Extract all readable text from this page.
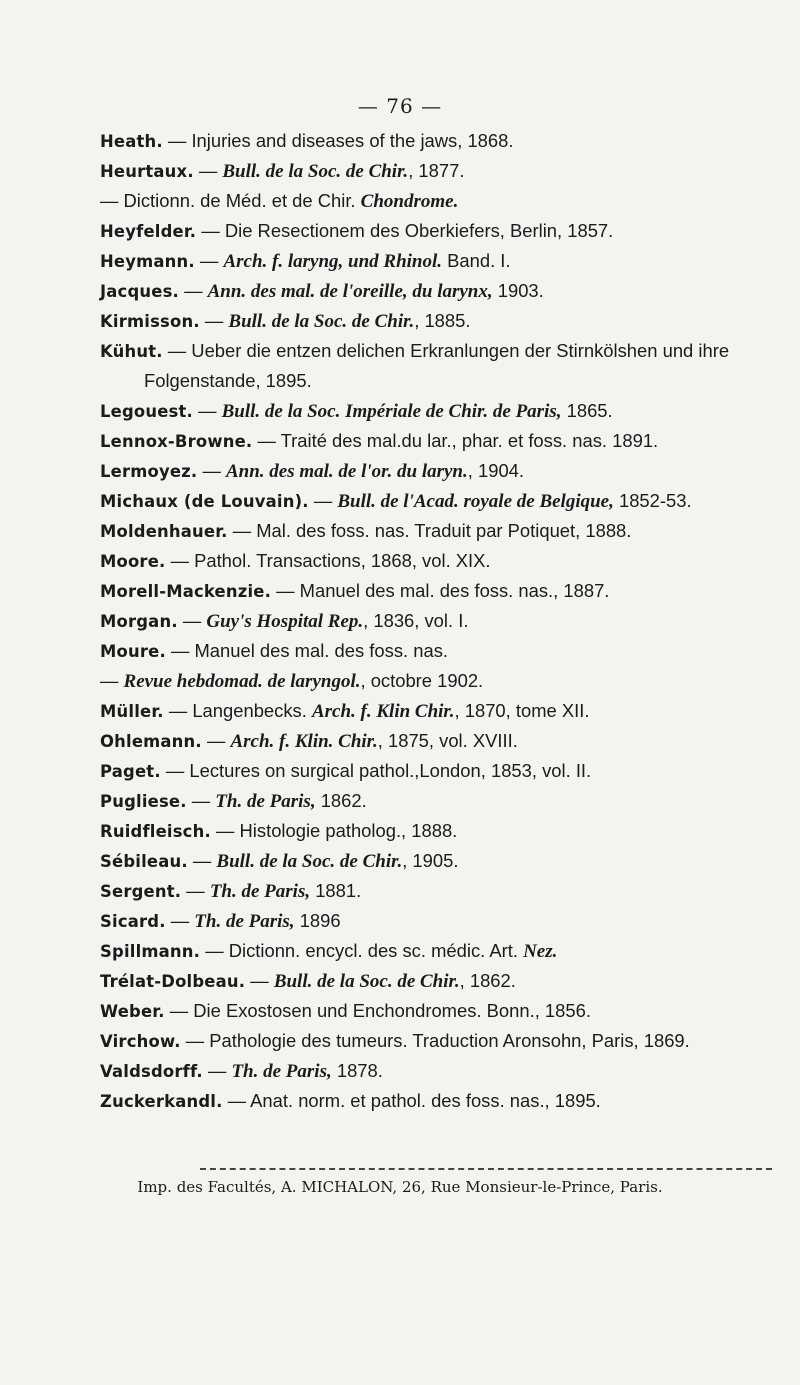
— 76 —
Heath. — Injuries and diseases of the jaws, 1868.
Heurtaux. — Bull. de la Soc. de Chir., 1877.
— Dictionn. de Méd. et de Chir. Chondrome.
Heyfelder. — Die Resectionem des Oberkiefers, Berlin, 1857.
Heymann. — Arch. f. laryng, und Rhinol. Band. I.
Jacques. — Ann. des mal. de l'oreille, du larynx, 1903.
Kirmisson. — Bull. de la Soc. de Chir., 1885.
Kühut. — Ueber die entzen delichen Erkranlungen der Stirnkölshen und ihre Folgenstande, 1895.
Legouest. — Bull. de la Soc. Impériale de Chir. de Paris, 1865.
Lennox-Browne. — Traité des mal.du lar., phar. et foss. nas. 1891.
Lermoyez. — Ann. des mal. de l'or. du laryn., 1904.
Michaux (de Louvain). — Bull. de l'Acad. royale de Belgique, 1852-53.
Moldenhauer. — Mal. des foss. nas. Traduit par Potiquet, 1888.
Moore. — Pathol. Transactions, 1868, vol. XIX.
Morell-Mackenzie. — Manuel des mal. des foss. nas., 1887.
Morgan. — Guy's Hospital Rep., 1836, vol. I.
Moure. — Manuel des mal. des foss. nas.
— Revue hebdomad. de laryngol., octobre 1902.
Müller. — Langenbecks. Arch. f. Klin Chir., 1870, tome XII.
Ohlemann. — Arch. f. Klin. Chir., 1875, vol. XVIII.
Paget. — Lectures on surgical pathol.,London, 1853, vol. II.
Pugliese. — Th. de Paris, 1862.
Ruidfleisch. — Histologie patholog., 1888.
Sébileau. — Bull. de la Soc. de Chir., 1905.
Sergent. — Th. de Paris, 1881.
Sicard. — Th. de Paris, 1896
Spillmann. — Dictionn. encycl. des sc. médic. Art. Nez.
Trélat-Dolbeau. — Bull. de la Soc. de Chir., 1862.
Weber. — Die Exostosen und Enchondromes. Bonn., 1856.
Virchow. — Pathologie des tumeurs. Traduction Aronsohn, Paris, 1869.
Valdsdorff. — Th. de Paris, 1878.
Zuckerkandl. — Anat. norm. et pathol. des foss. nas., 1895.
Imp. des Facultés, A. MICHALON, 26, Rue Monsieur-le-Prince, Paris.
